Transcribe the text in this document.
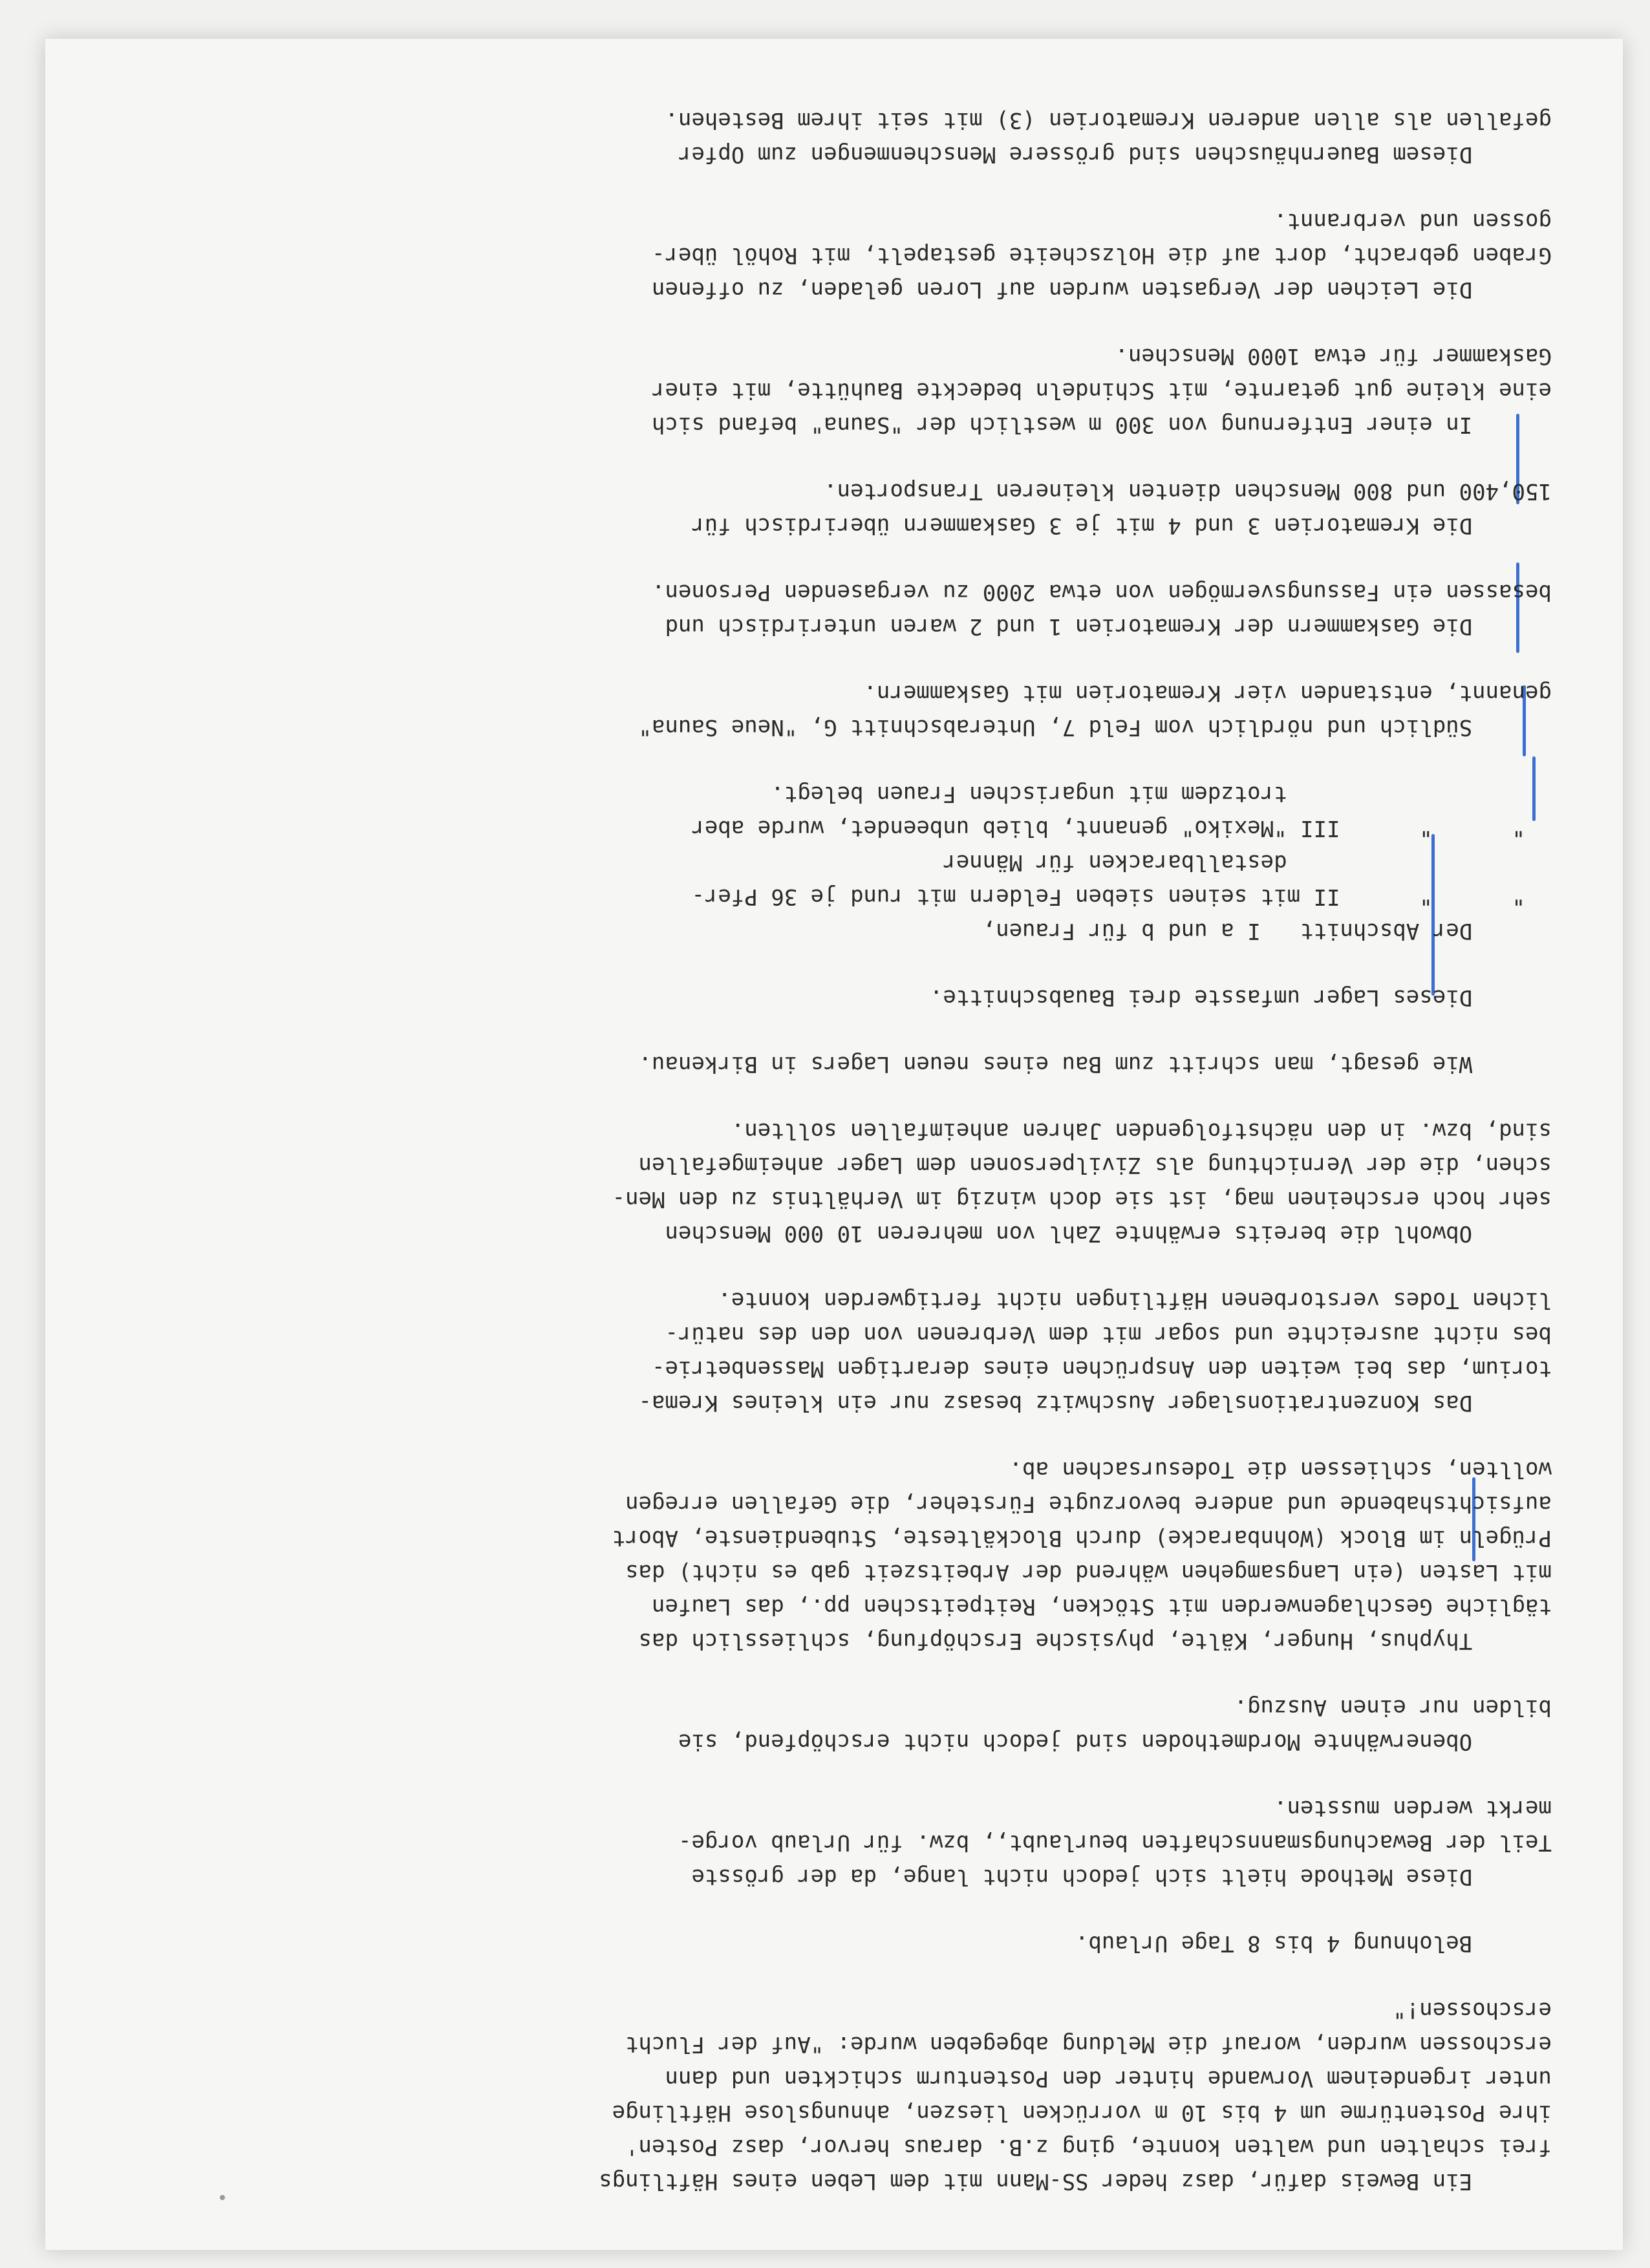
Ein Beweis dafür, dasz heder SS-Mann mit dem Leben eines Häftlings
frei schalten und walten konnte, ging z.B. daraus hervor, dasz Posten'
ihre Postentürme um 4 bis 10 m vorrücken lieszen, ahnungslose Häftlinge
unter irgendeinem Vorwande hinter den Postenturm schickten und dann
erschossen wurden, worauf die Meldung abgegeben wurde: "Auf der Flucht
erschossen!"
Belohnung 4 bis 8 Tage Urlaub.
Diese Methode hielt sich jedoch nicht lange, da der grösste
Teil der Bewachungsmannschaften beurlaubt,, bzw. für Urlaub vorge-
merkt werden mussten.
Obenerwähnte Mordmethoden sind jedoch nicht erschöpfend, sie
bilden nur einen Auszug.
Thyphus, Hunger, Kälte, physische Erschöpfung, schliesslich das
tägliche Geschlagenwerden mit Stöcken, Reitpeitschen pp., das Laufen
mit Lasten (ein Langsamgehen während der Arbeitszeit gab es nicht) das
Prügeln im Block (Wohnbaracke) durch Blockälteste, Stubendienste, Abort
aufsichtshabende und andere bevorzugte Fürsteher, die Gefallen erregen
wollten, schliessen die Todesursachen ab.
Das Konzentrationslager Auschwitz besasz nur ein kleines Krema-
torium, das bei weiten den Ansprüchen eines derartigen Massenbetrie-
bes nicht ausreichte und sogar mit dem Verbrenen von den des natür-
lichen Todes verstorbenen Häftlingen nicht fertigwerden konnte.
Obwohl die bereits erwähnte Zahl von mehreren 10 000 Menschen
sehr hoch erscheinen mag, ist sie doch winzig im Verhältnis zu den Men-
schen, die der Vernichtung als Zivilpersonen dem Lager anheimgefallen
sind, bzw. in den nächstfolgenden Jahren anheimfallen sollten.
Wie gesagt, man schritt zum Bau eines neuen Lagers in Birkenau.
Dieses Lager umfasste drei Bauabschnitte.
Der Abschnitt   I a und b für Frauen,
"      "      II mit seinen sieben Feldern mit rund je 36 Pfer-
destallbaracken für Männer
"      "      III "Mexiko" genannt, blieb unbeendet, wurde aber
trotzdem mit ungarischen Frauen belegt.
Südlich und nördlich vom Feld 7, Unterabschnitt G, "Neue Sauna"
genannt, entstanden vier Krematorien mit Gaskammern.
Die Gaskammern der Krematorien 1 und 2 waren unterirdisch und
besassen ein Fassungsvermögen von etwa 2000 zu vergasenden Personen.
Die Krematorien 3 und 4 mit je 3 Gaskammern überirdisch für
150,400 und 800 Menschen dienten kleineren Transporten.
In einer Entfernung von 300 m westlich der "Sauna" befand sich
eine kleine gut getarnte, mit Schindeln bedeckte Bauhütte, mit einer
Gaskammer für etwa 1000 Menschen.
Die Leichen der Vergasten wurden auf Loren geladen, zu offenen
Graben gebracht, dort auf die Holzscheite gestapelt, mit Rohöl über-
gossen und verbrannt.
Diesem Bauernhäuschen sind grössere Menschenmengen zum Opfer
gefallen als allen anderen Krematorien (3) mit seit ihrem Bestehen.
